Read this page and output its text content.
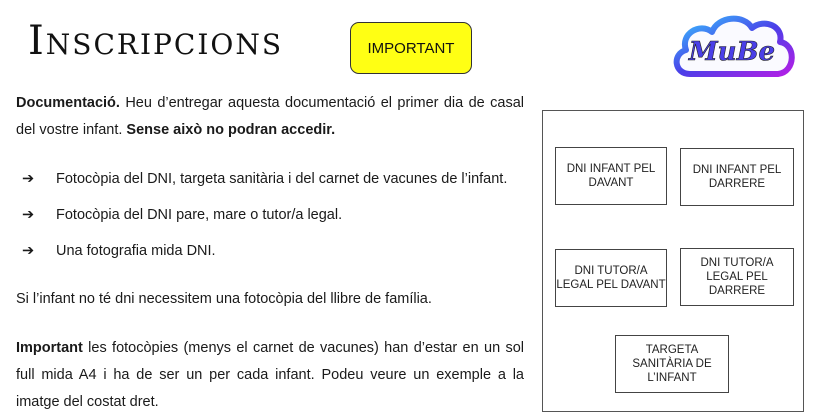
Inscripcions	IMPORTANT	MuBe

Documentació. Heu d’entregar aquesta documentació el primer dia de casal del vostre infant. Sense això no podran accedir.

➔ Fotocòpia del DNI, targeta sanitària i del carnet de vacunes de l’infant.
➔ Fotocòpia del DNI pare, mare o tutor/a legal.
➔ Una fotografia mida DNI.

Si l’infant no té dni necessitem una fotocòpia del llibre de família.

Important les fotocòpies (menys el carnet de vacunes) han d’estar en un sol full mida A4 i ha de ser un per cada infant. Podeu veure un exemple a la imatge del costat dret.

DNI INFANT PEL DAVANT
DNI INFANT PEL DARRERE
DNI TUTOR/A LEGAL PEL DAVANT
DNI TUTOR/A LEGAL PEL DARRERE
TARGETA SANITÀRIA DE L’INFANT
